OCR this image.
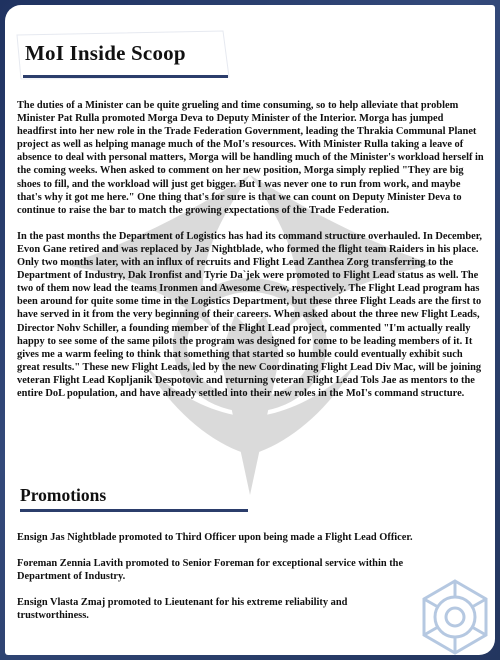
MoI Inside Scoop

The duties of a Minister can be quite grueling and time consuming, so to help alleviate that problem Minister Pat Rulla promoted Morga Deva to Deputy Minister of the Interior. Morga has jumped headfirst into her new role in the Trade Federation Government, leading the Thrakia Communal Planet project as well as helping manage much of the MoI's resources. With Minister Rulla taking a leave of absence to deal with personal matters, Morga will be handling much of the Minister's workload herself in the coming weeks. When asked to comment on her new position, Morga simply replied "They are big shoes to fill, and the workload will just get bigger. But I was never one to run from work, and maybe that's why it got me here." One thing that's for sure is that we can count on Deputy Minister Deva to continue to raise the bar to match the growing expectations of the Trade Federation.

In the past months the Department of Logistics has had its command structure overhauled. In December, Evon Gane retired and was replaced by Jas Nightblade, who formed the flight team Raiders in his place. Only two months later, with an influx of recruits and Flight Lead Zanthea Zorg transferring to the Department of Industry, Dak Ironfist and Tyrie Da`jek were promoted to Flight Lead status as well. The two of them now lead the teams Ironmen and Awesome Crew, respectively. The Flight Lead program has been around for quite some time in the Logistics Department, but these three Flight Leads are the first to have served in it from the very beginning of their careers. When asked about the three new Flight Leads, Director Nohv Schiller, a founding member of the Flight Lead project, commented "I'm actually really happy to see some of the same pilots the program was designed for come to be leading members of it. It gives me a warm feeling to think that something that started so humble could eventually exhibit such great results." These new Flight Leads, led by the new Coordinating Flight Lead Div Mac, will be joining veteran Flight Lead Kopljanik Despotovic and returning veteran Flight Lead Tols Jae as mentors to the entire DoL population, and have already settled into their new roles in the MoI's command structure.

Promotions

Ensign Jas Nightblade promoted to Third Officer upon being made a Flight Lead Officer.

Foreman Zennia Lavith promoted to Senior Foreman for exceptional service within the Department of Industry.

Ensign Vlasta Zmaj promoted to Lieutenant for his extreme reliability and trustworthiness.
